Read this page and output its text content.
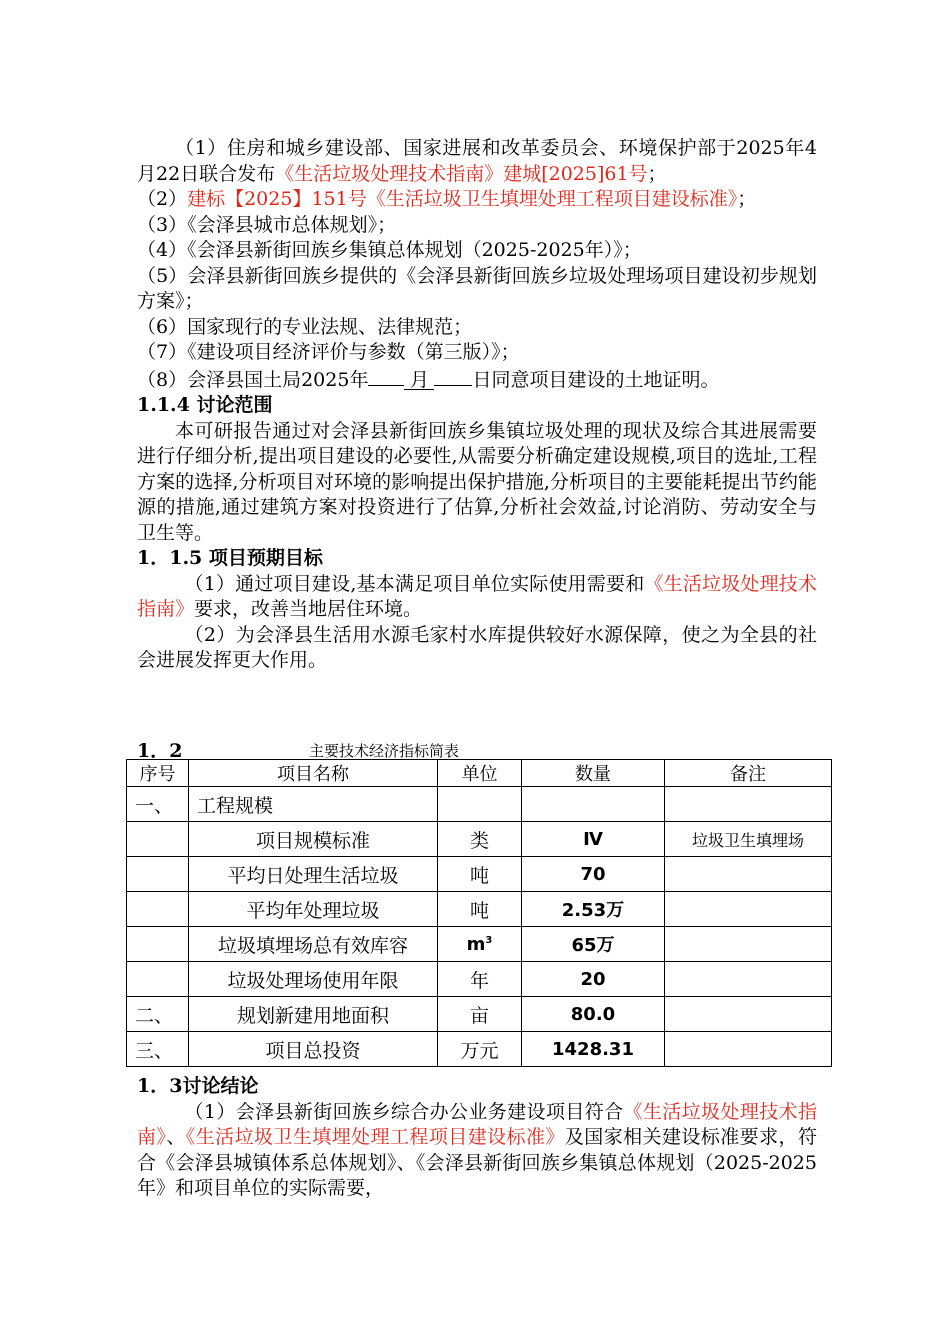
（1）住房和城乡建设部、国家进展和改革委员会、环境保护部于2025年4月22日联合发布《生活垃圾处理技术指南》建城[2025]61号；

（2）建标【2025】151号《生活垃圾卫生填埋处理工程项目建设标准》；

（3）《会泽县城市总体规划》；

（4）《会泽县新街回族乡集镇总体规划（2025-2025年）》；

（5）会泽县新街回族乡提供的《会泽县新街回族乡垃圾处理场项目建设初步规划方案》；

（6）国家现行的专业法规、法律规范；

（7）《建设项目经济评价与参数（第三版）》；

（8）会泽县国土局2025年 月 日同意项目建设的土地证明。

1.1.4 讨论范围

本可研报告通过对会泽县新街回族乡集镇垃圾处理的现状及综合其进展需要进行仔细分析,提出项目建设的必要性,从需要分析确定建设规模,项目的选址,工程方案的选择,分析项目对环境的影响提出保护措施,分析项目的主要能耗提出节约能源的措施,通过建筑方案对投资进行了估算,分析社会效益,讨论消防、劳动安全与卫生等。

1．1.5 项目预期目标

（1）通过项目建设,基本满足项目单位实际使用需要和《生活垃圾处理技术指南》要求，改善当地居住环境。

（2）为会泽县生活用水源毛家村水库提供较好水源保障，使之为全县的社会进展发挥更大作用。

1．2	主要技术经济指标简表
序号	项目名称	单位	数量	备注
一、	工程规模			
	项目规模标准	类	Ⅳ	垃圾卫生填埋场
	平均日处理生活垃圾	吨	70	
	平均年处理垃圾	吨	2.53万	
	垃圾填埋场总有效库容	$m^3$	65万	
	垃圾处理场使用年限	年	20	
二、	规划新建用地面积	亩	80.0	
三、	项目总投资	万元	1428.31	

1．3讨论结论

（1）会泽县新街回族乡综合办公业务建设项目符合《生活垃圾处理技术指南》、《生活垃圾卫生填埋处理工程项目建设标准》及国家相关建设标准要求，符合《会泽县城镇体系总体规划》、《会泽县新街回族乡集镇总体规划（2025-2025年》和项目单位的实际需要，
